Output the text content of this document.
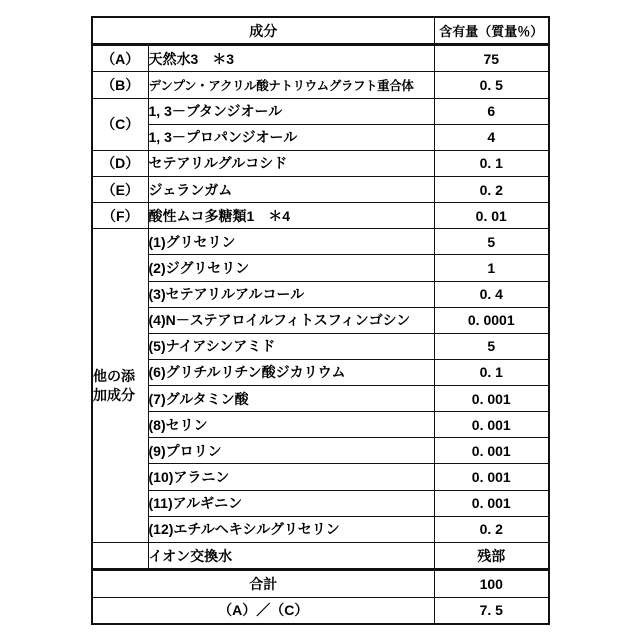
成分		含有量（質量％）
（A）	天然水3　＊3	75
（B）	デンプン・アクリル酸ナトリウムグラフト重合体	0. 5
（C）	1, 3－ブタンジオール	6
	1, 3－プロパンジオール	4
（D）	セテアリルグルコシド	0. 1
（E）	ジェランガム	0. 2
（F）	酸性ムコ多糖類1　＊4	0. 01
他の添加成分	(1)グリセリン	5
	(2)ジグリセリン	1
	(3)セテアリルアルコール	0. 4
	(4)N－ステアロイルフィトスフィンゴシン	0. 0001
	(5)ナイアシンアミド	5
	(6)グリチルリチン酸ジカリウム	0. 1
	(7)グルタミン酸	0. 001
	(8)セリン	0. 001
	(9)プロリン	0. 001
	(10)アラニン	0. 001
	(11)アルギニン	0. 001
	(12)エチルヘキシルグリセリン	0. 2
	イオン交換水	残部
合計		100
（A）／（C）		7. 5
